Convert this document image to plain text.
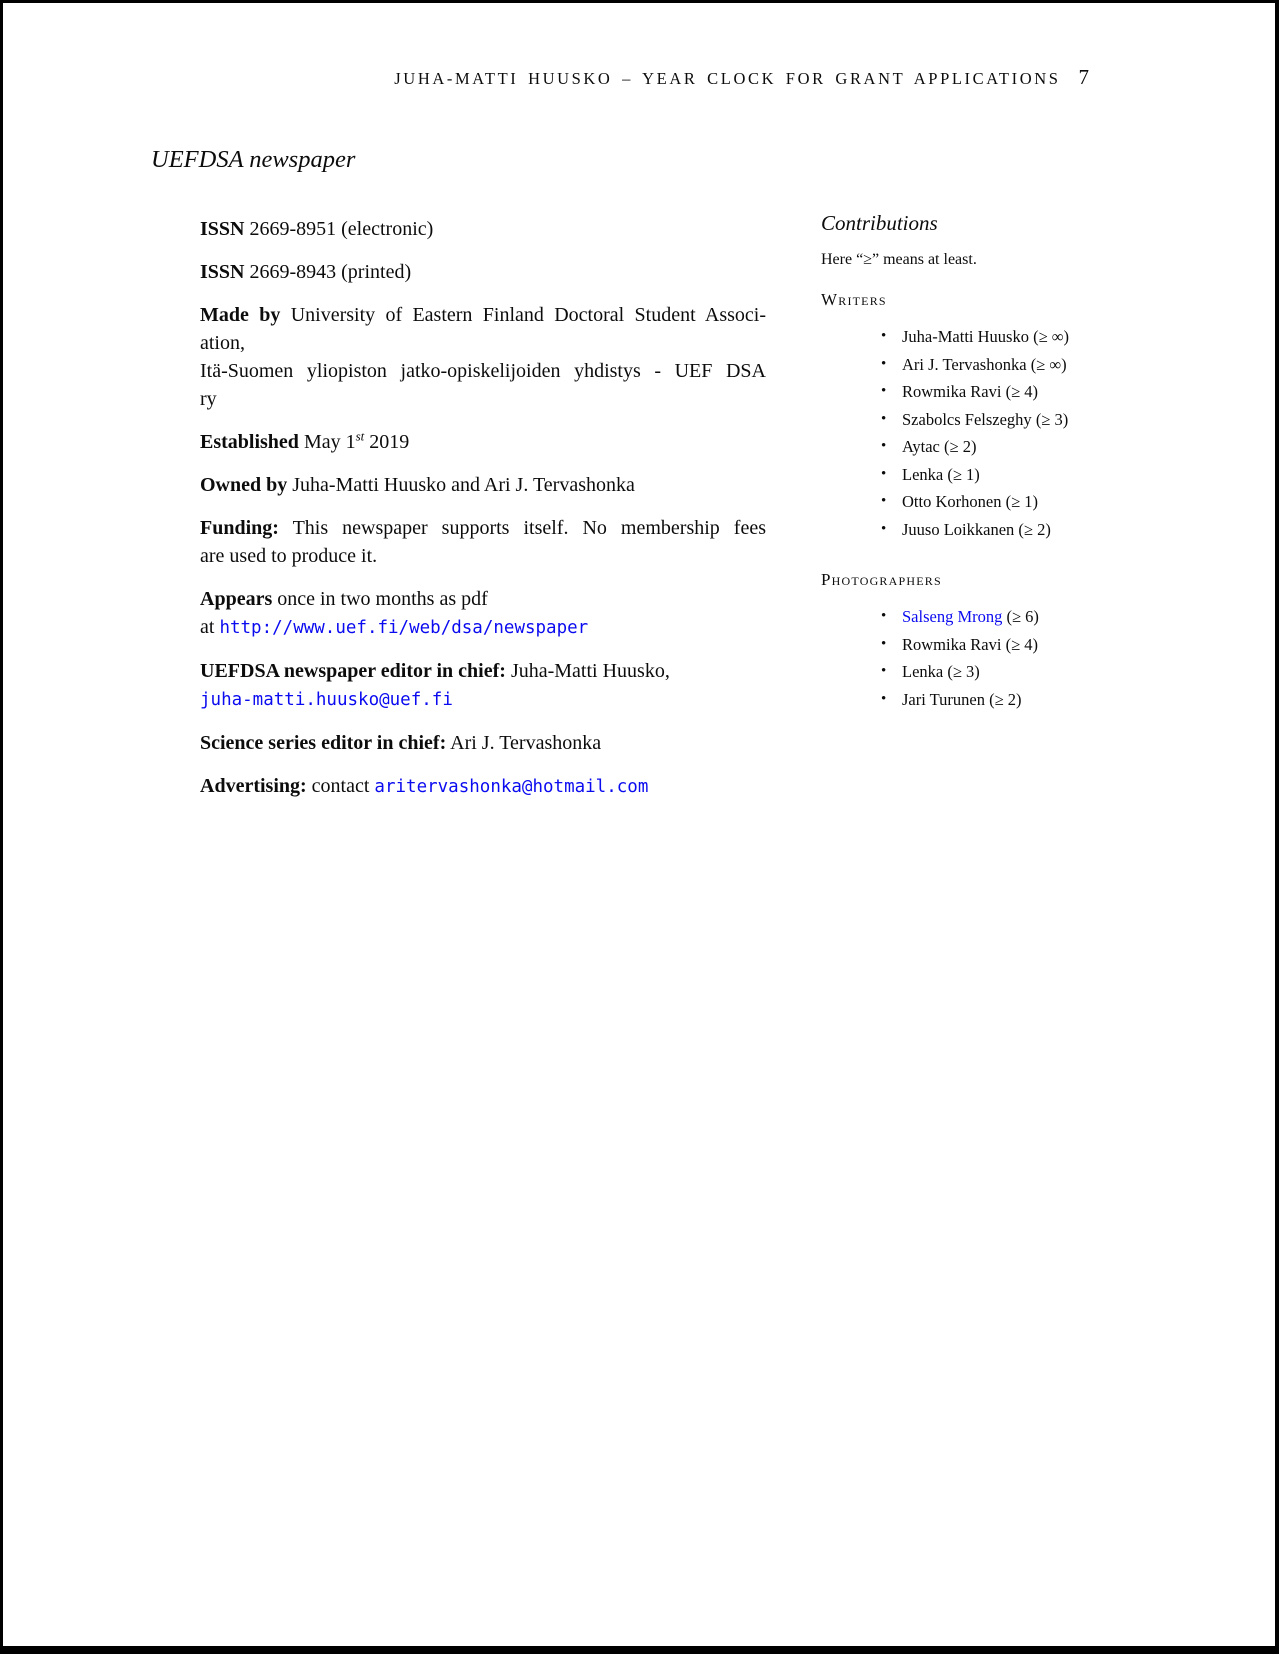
JUHA-MATTI HUUSKO – YEAR CLOCK FOR GRANT APPLICATIONS 7
UEFDSA newspaper

ISSN 2669-8951 (electronic)

ISSN 2669-8943 (printed)

Made by University of Eastern Finland Doctoral Student Associ-
ation,
Itä-Suomen yliopiston jatko-opiskelijoiden yhdistys - UEF DSA
ry

Established May 1st 2019

Owned by Juha-Matti Huusko and Ari J. Tervashonka

Funding: This newspaper supports itself. No membership fees
are used to produce it.

Appears once in two months as pdf
at http://www.uef.fi/web/dsa/newspaper

UEFDSA newspaper editor in chief: Juha-Matti Huusko,
juha-matti.huusko@uef.fi

Science series editor in chief: Ari J. Tervashonka

Advertising: contact aritervashonka@hotmail.com

Contributions

Here “≥” means at least.

Writers
• Juha-Matti Huusko (≥ ∞)
• Ari J. Tervashonka (≥ ∞)
• Rowmika Ravi (≥ 4)
• Szabolcs Felszeghy (≥ 3)
• Aytac (≥ 2)
• Lenka (≥ 1)
• Otto Korhonen (≥ 1)
• Juuso Loikkanen (≥ 2)
Photographers
• Salseng Mrong (≥ 6)
• Rowmika Ravi (≥ 4)
• Lenka (≥ 3)
• Jari Turunen (≥ 2)
